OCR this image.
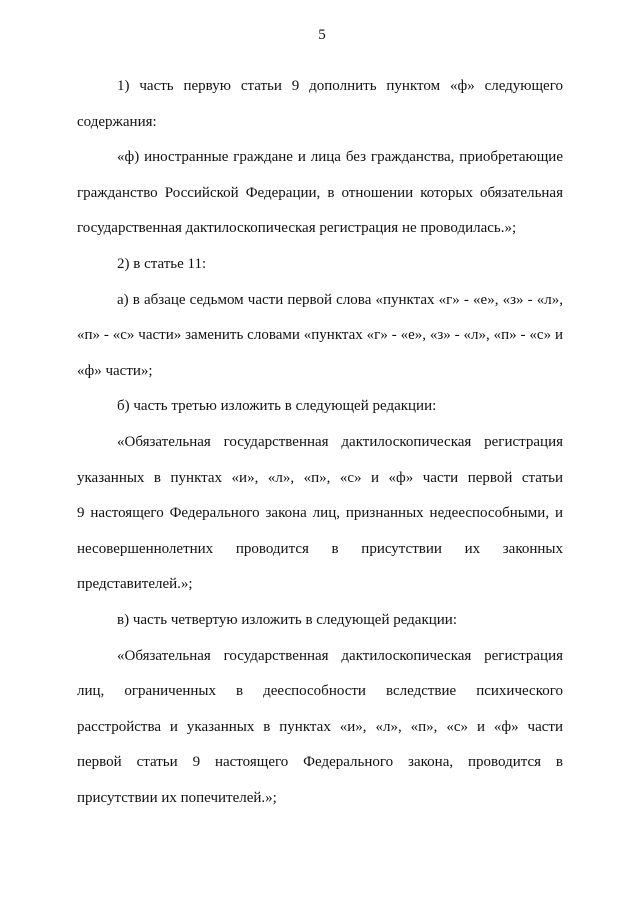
5
1) часть первую статьи 9 дополнить пунктом «ф» следующего
содержания:
«ф) иностранные граждане и лица без гражданства, приобретающие
гражданство Российской Федерации, в отношении которых обязательная
государственная дактилоскопическая регистрация не проводилась.»;
2) в статье 11:
а) в абзаце седьмом части первой слова «пунктах «г» - «е», «з» - «л»,
«п» - «с» части» заменить словами «пунктах «г» - «е», «з» - «л», «п» - «с» и
«ф» части»;
б) часть третью изложить в следующей редакции:
«Обязательная государственная дактилоскопическая регистрация
указанных в пунктах «и», «л», «п», «с» и «ф» части первой статьи
9 настоящего Федерального закона лиц, признанных недееспособными, и
несовершеннолетних проводится в присутствии их законных
представителей.»;
в) часть четвертую изложить в следующей редакции:
«Обязательная государственная дактилоскопическая регистрация
лиц, ограниченных в дееспособности вследствие психического
расстройства и указанных в пунктах «и», «л», «п», «с» и «ф» части
первой статьи 9 настоящего Федерального закона, проводится в
присутствии их попечителей.»;
